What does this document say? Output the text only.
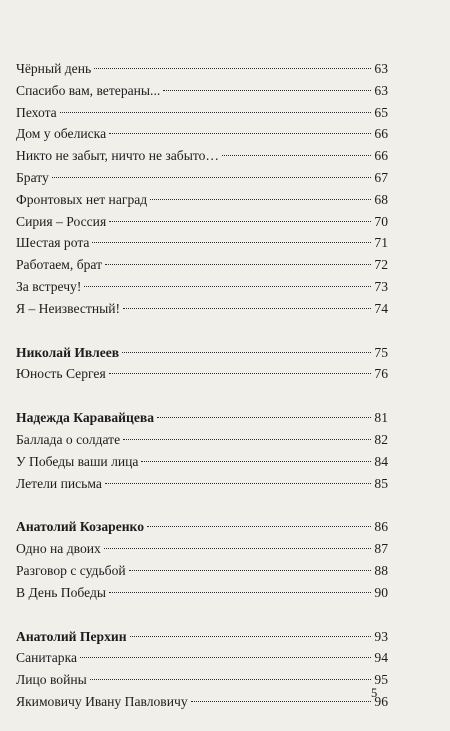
Чёрный день	63
Спасибо вам, ветераны...	63
Пехота	65
Дом у обелиска	66
Никто не забыт, ничто не забыто…	66
Брату	67
Фронтовых нет наград	68
Сирия – Россия	70
Шестая рота	71
Работаем, брат	72
За встречу!	73
Я – Неизвестный!	74
Николай Ивлеев	75
Юность Сергея	76
Надежда Каравайцева	81
Баллада о солдате	82
У Победы ваши лица	84
Летели письма	85
Анатолий Козаренко	86
Одно на двоих	87
Разговор с судьбой	88
В День Победы	90
Анатолий Перхин	93
Санитарка	94
Лицо войны	95
Якимовичу Ивану Павловичу	96
5
